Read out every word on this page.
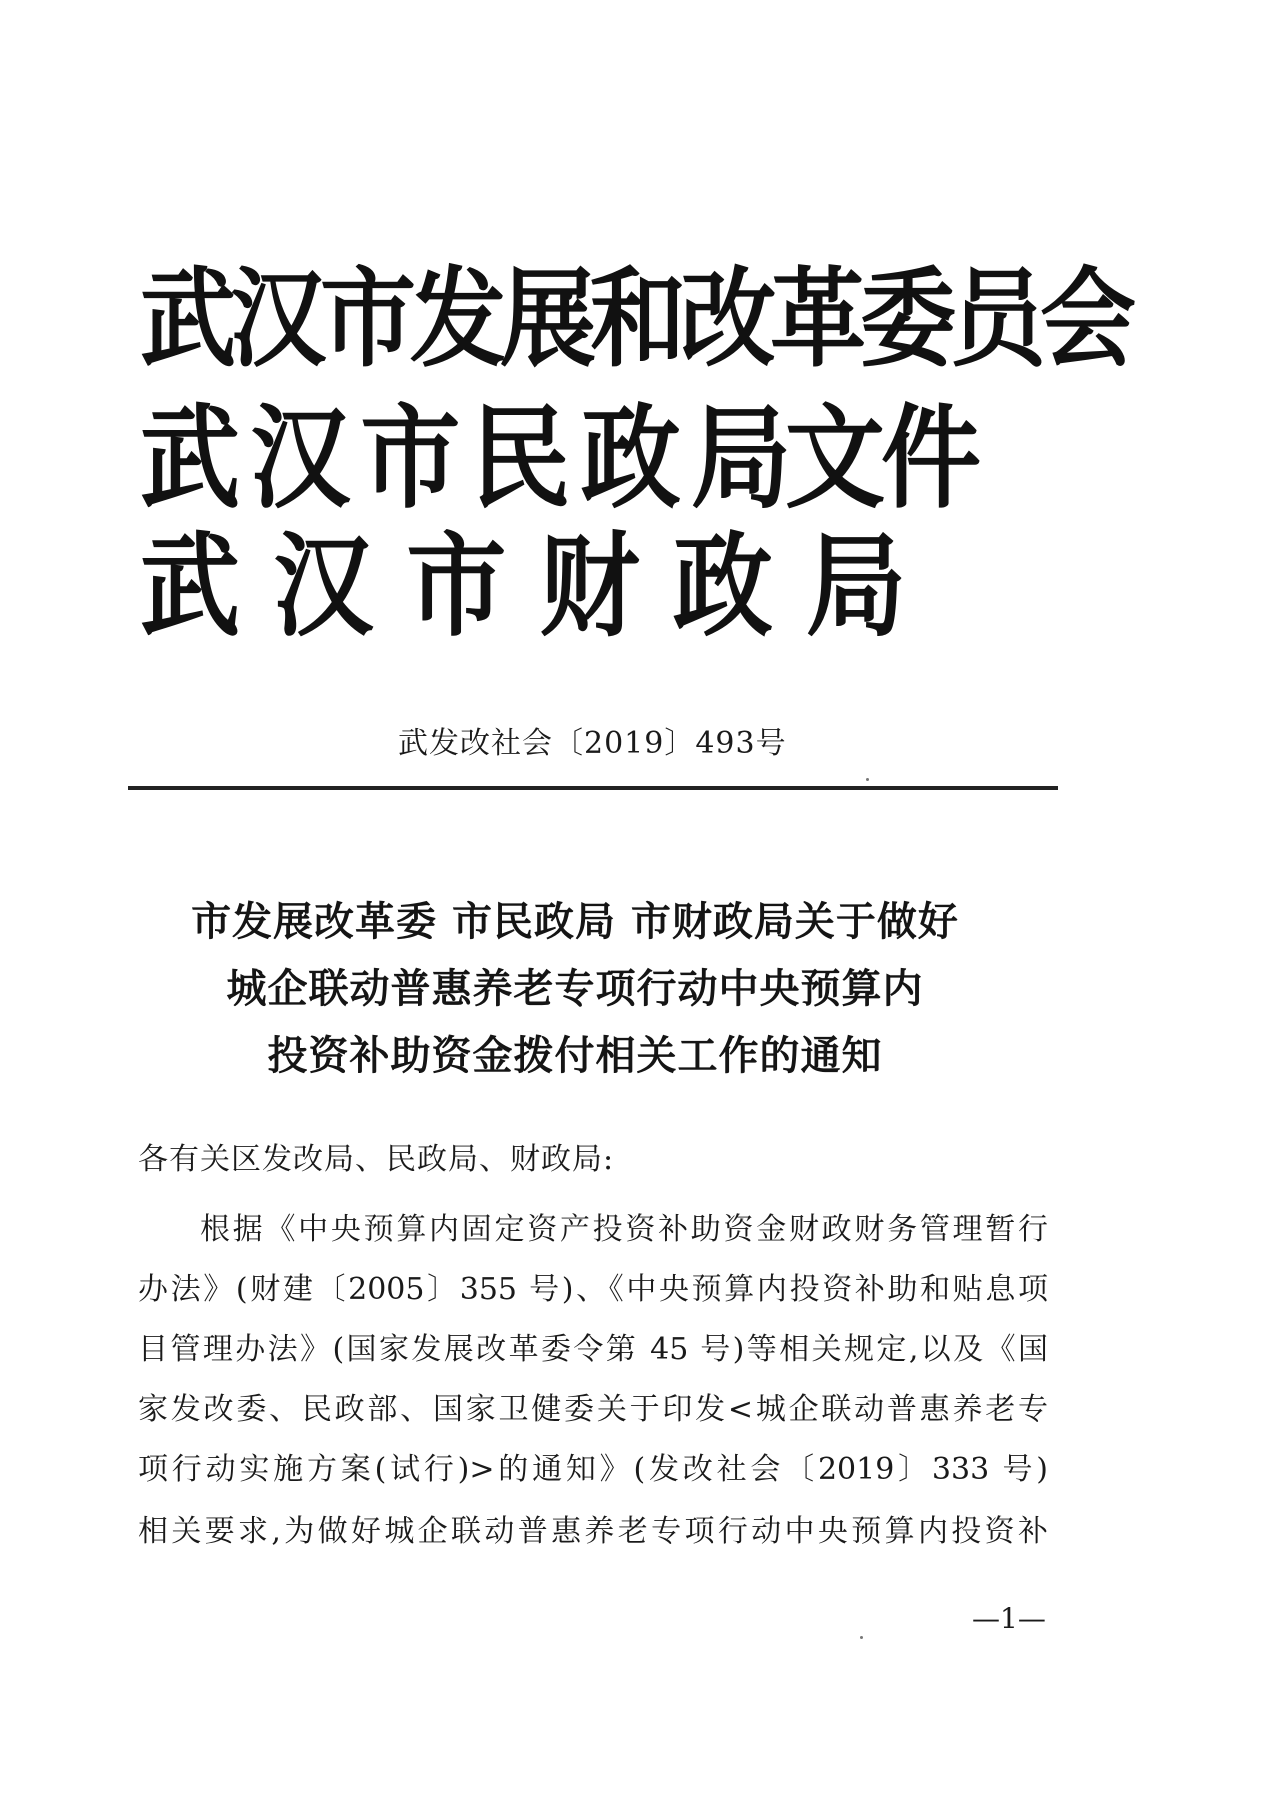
武汉市发展和改革委员会
武 汉 市 民 政 局 文件
武 汉 市 财 政 局
武发改社会〔2019〕493号
市发展改革委 市民政局 市财政局关于做好
城企联动普惠养老专项行动中央预算内
投资补助资金拨付相关工作的通知
各有关区发改局、民政局、财政局:
根据《中央预算内固定资产投资补助资金财政财务管理暂行
办法》(财建〔2005〕355 号)、《中央预算内投资补助和贴息项
目管理办法》(国家发展改革委令第 45 号)等相关规定,以及《国
家发改委、民政部、国家卫健委关于印发<城企联动普惠养老专
项行动实施方案(试行)>的通知》(发改社会〔2019〕333 号)
相关要求,为做好城企联动普惠养老专项行动中央预算内投资补
—1—
